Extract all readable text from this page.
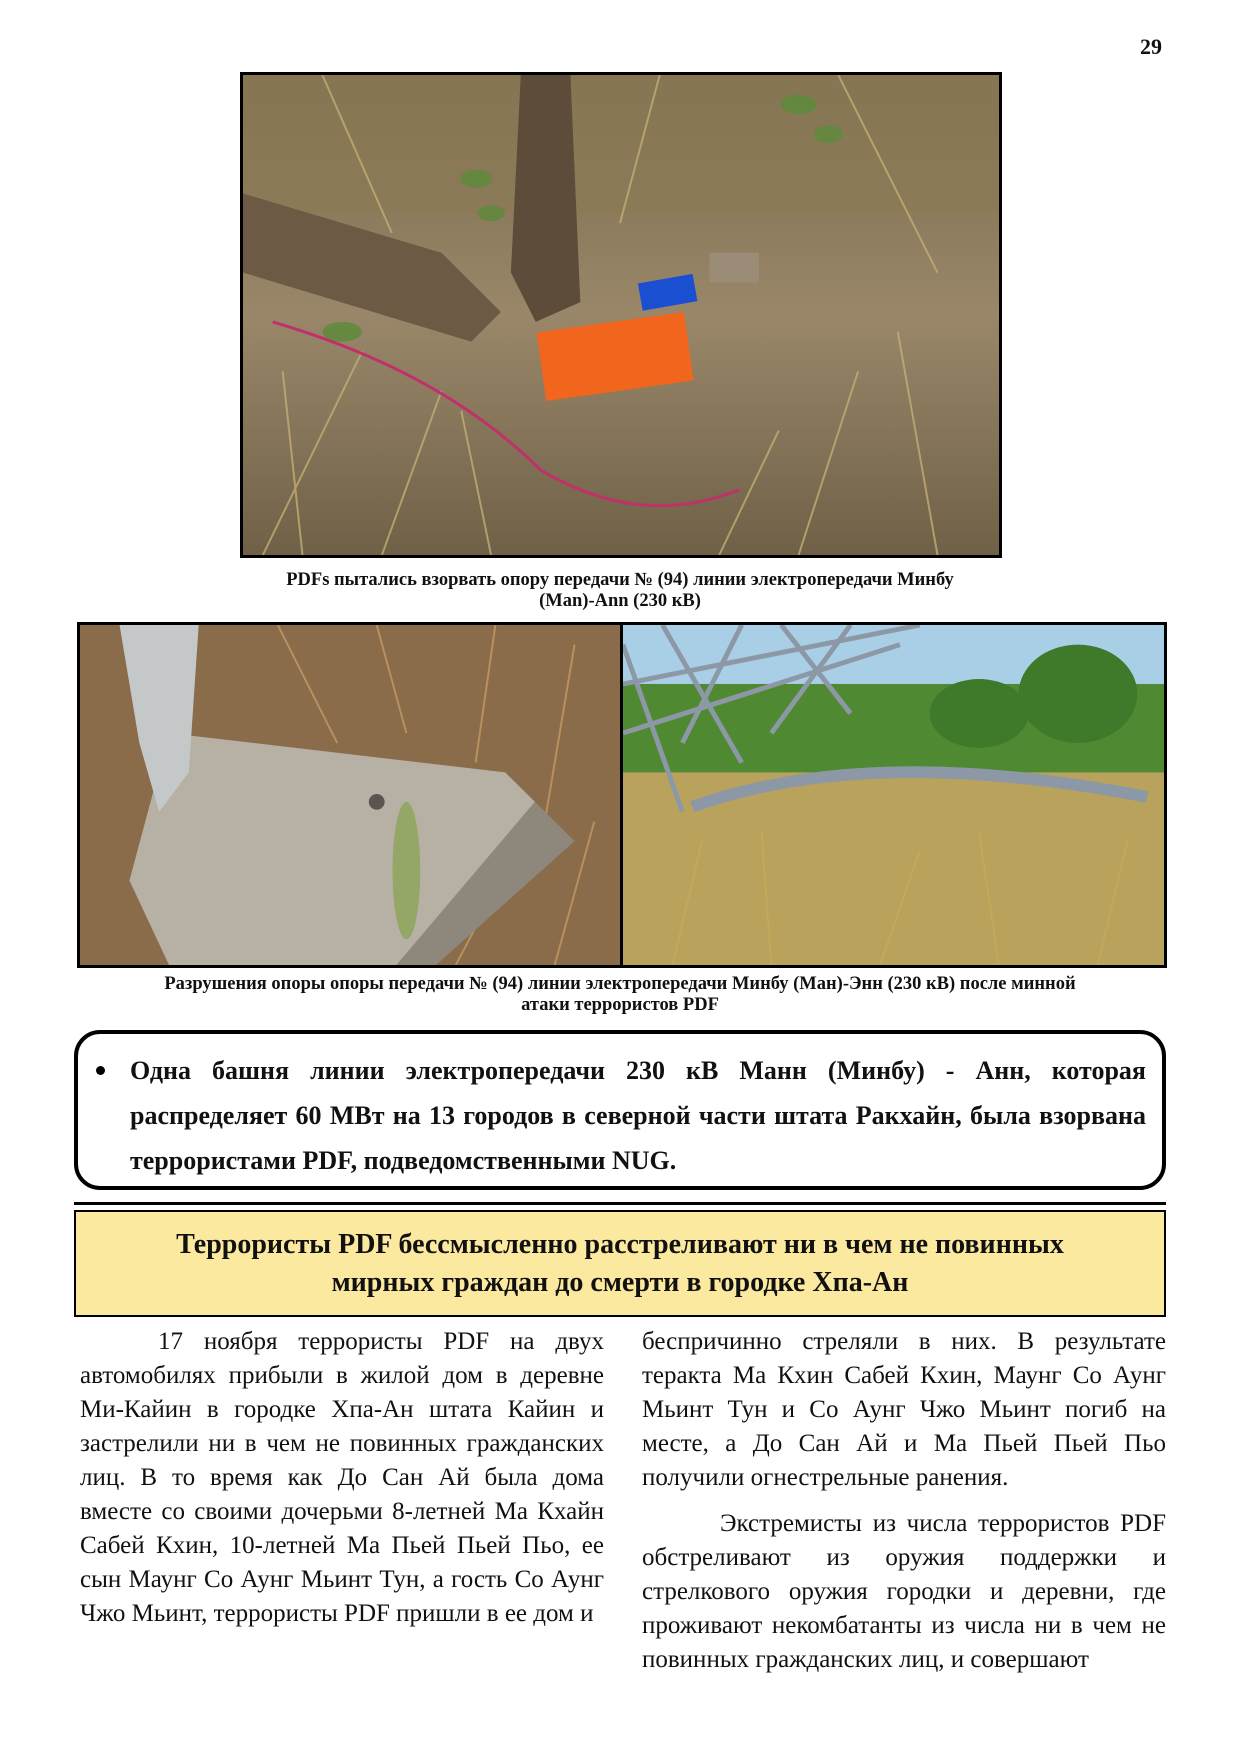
29
PDFs пытались взорвать опору передачи № (94) линии электропередачи Минбу
(Man)-Ann (230 кВ)
Разрушения опоры опоры передачи № (94) линии электропередачи Минбу (Ман)-Энн (230 кВ) после минной
атаки террористов PDF

Одна башня линии электропередачи 230 кВ Манн (Минбу) - Анн, которая распределяет 60 МВт на 13 городов в северной части штата Ракхайн, была взорвана террористами PDF, подведомственными NUG.

Террористы PDF бессмысленно расстреливают ни в чем не повинных
мирных граждан до смерти в городке Хпа-Ан

17 ноября террористы PDF на двух автомобилях прибыли в жилой дом в деревне Ми-Кайин в городке Хпа-Ан штата Кайин и застрелили ни в чем не повинных гражданских лиц. В то время как До Сан Ай была дома вместе со своими дочерьми 8-летней Ма Кхайн Сабей Кхин, 10-летней Ма Пьей Пьей Пьо, ее сын Маунг Со Аунг Мьинт Тун, а гость Со Аунг Чжо Мьинт, террористы PDF пришли в ее дом и

беспричинно стреляли в них. В результате теракта Ма Кхин Сабей Кхин, Маунг Со Аунг Мьинт Тун и Со Аунг Чжо Мьинт погиб на месте, а До Сан Ай и Ма Пьей Пьей Пьо получили огнестрельные ранения.

Экстремисты из числа террористов PDF обстреливают из оружия поддержки и стрелкового оружия городки и деревни, где проживают некомбатанты из числа ни в чем не повинных гражданских лиц, и совершают
